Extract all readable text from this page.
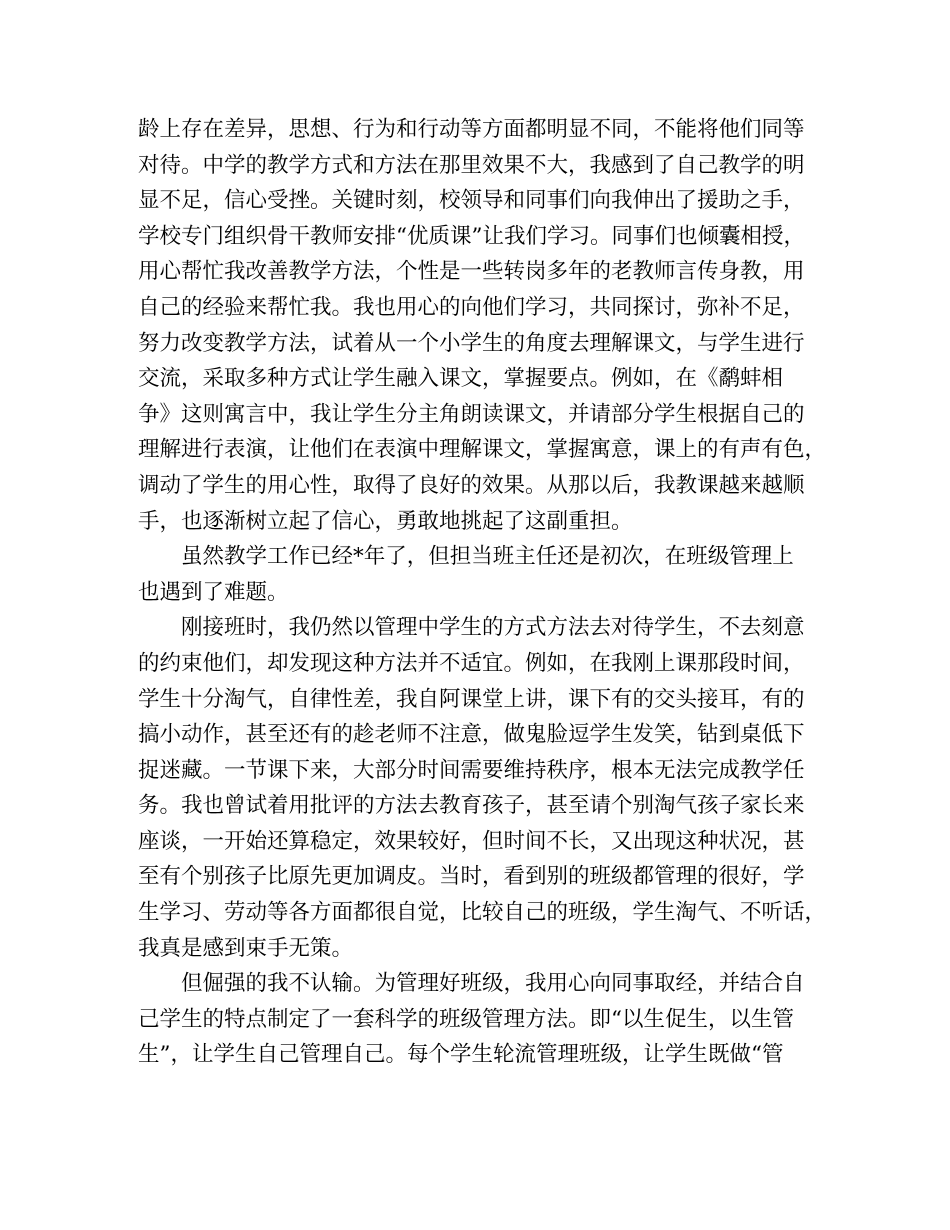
龄上存在差异，思想、行为和行动等方面都明显不同，不能将他们同等
对待。中学的教学方式和方法在那里效果不大，我感到了自己教学的明
显不足，信心受挫。关键时刻，校领导和同事们向我伸出了援助之手，
学校专门组织骨干教师安排“优质课”让我们学习。同事们也倾囊相授，
用心帮忙我改善教学方法，个性是一些转岗多年的老教师言传身教，用
自己的经验来帮忙我。我也用心的向他们学习，共同探讨，弥补不足，
努力改变教学方法，试着从一个小学生的角度去理解课文，与学生进行
交流，采取多种方式让学生融入课文，掌握要点。例如，在《鹬蚌相
争》这则寓言中，我让学生分主角朗读课文，并请部分学生根据自己的
理解进行表演，让他们在表演中理解课文，掌握寓意，课上的有声有色，
调动了学生的用心性，取得了良好的效果。从那以后，我教课越来越顺
手，也逐渐树立起了信心，勇敢地挑起了这副重担。

虽然教学工作已经*年了，但担当班主任还是初次，在班级管理上
也遇到了难题。

刚接班时，我仍然以管理中学生的方式方法去对待学生，不去刻意
的约束他们，却发现这种方法并不适宜。例如，在我刚上课那段时间，
学生十分淘气，自律性差，我自阿课堂上讲，课下有的交头接耳，有的
搞小动作，甚至还有的趁老师不注意，做鬼脸逗学生发笑，钻到桌低下
捉迷藏。一节课下来，大部分时间需要维持秩序，根本无法完成教学任
务。我也曾试着用批评的方法去教育孩子，甚至请个别淘气孩子家长来
座谈，一开始还算稳定，效果较好，但时间不长，又出现这种状况，甚
至有个别孩子比原先更加调皮。当时，看到别的班级都管理的很好，学
生学习、劳动等各方面都很自觉，比较自己的班级，学生淘气、不听话，
我真是感到束手无策。

但倔强的我不认输。为管理好班级，我用心向同事取经，并结合自
己学生的特点制定了一套科学的班级管理方法。即“以生促生，以生管
生”，让学生自己管理自己。每个学生轮流管理班级，让学生既做“管
